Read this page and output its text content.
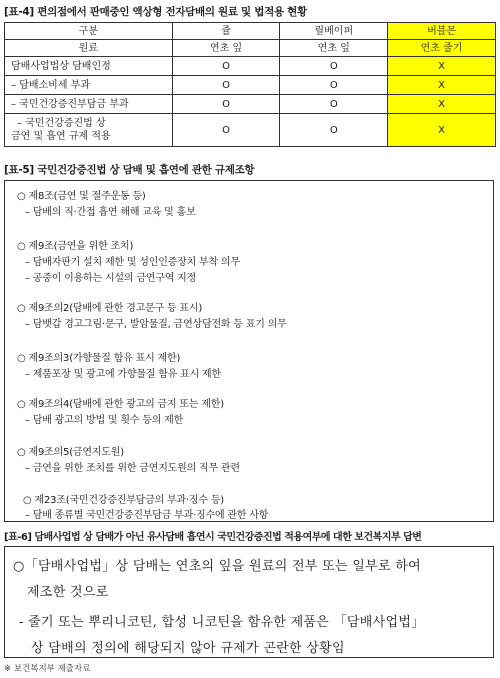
[표-4] 편의점에서 판매중인 액상형 전자담배의 원료 및 법적용 현황
구분	쥴	릴베이퍼	버블몬
원료	연초 잎	연초 잎	연초 줄기
담배사업법상 담배인정	O	O	X
– 담배소비세 부과	O	O	X
– 국민건강증진부담금 부과	O	O	X

– 국민건강증진법 상
금연 및 흡연 규제 적용	O	O	X
[표-5] 국민건강증진법 상 담배 및 흡연에 관한 규제조항
○ 제8조(금연 및 절주운동 등)
– 담배의 직·간접 흡연 해해 교육 및 홍보
○ 제9조(금연을 위한 조치)
– 담배자판기 설치 제한 및 성인인증장치 부착 의무
– 공중이 이용하는 시설의 금연구역 지정
○ 제9조의2(담배에 관한 경고문구 등 표시)
– 담뱃갑 경고그림·문구, 발암물질, 금연상담전화 등 표기 의무
○ 제9조의3(가향물질 함유 표시 제한)
– 제품포장 및 광고에 가향물질 함유 표시 제한
○ 제9조의4(담배에 관한 광고의 금지 또는 제한)
– 담배 광고의 방법 및 횟수 등의 제한
○ 제9조의5(금연지도원)
– 금연을 위한 조치를 위한 금연지도원의 직무 관련
○ 제23조(국민건강증진부담금의 부과·징수 등)
– 담배 종류별 국민건강증진부담금 부과·징수에 관한 사항
[표-6] 담배사업법 상 담배가 아닌 유사담배 흡연시 국민건강증진법 적용여부에 대한 보건복지부 답변
○「담배사업법」상 담배는 연초의 잎을 원료의 전부 또는 일부로 하여
제조한 것으로
- 줄기 또는 뿌리니코틴, 합성 니코틴을 함유한 제품은 「담배사업법」
상 담배의 정의에 해당되지 않아 규제가 곤란한 상황임
※ 보건복지부 제출자료
